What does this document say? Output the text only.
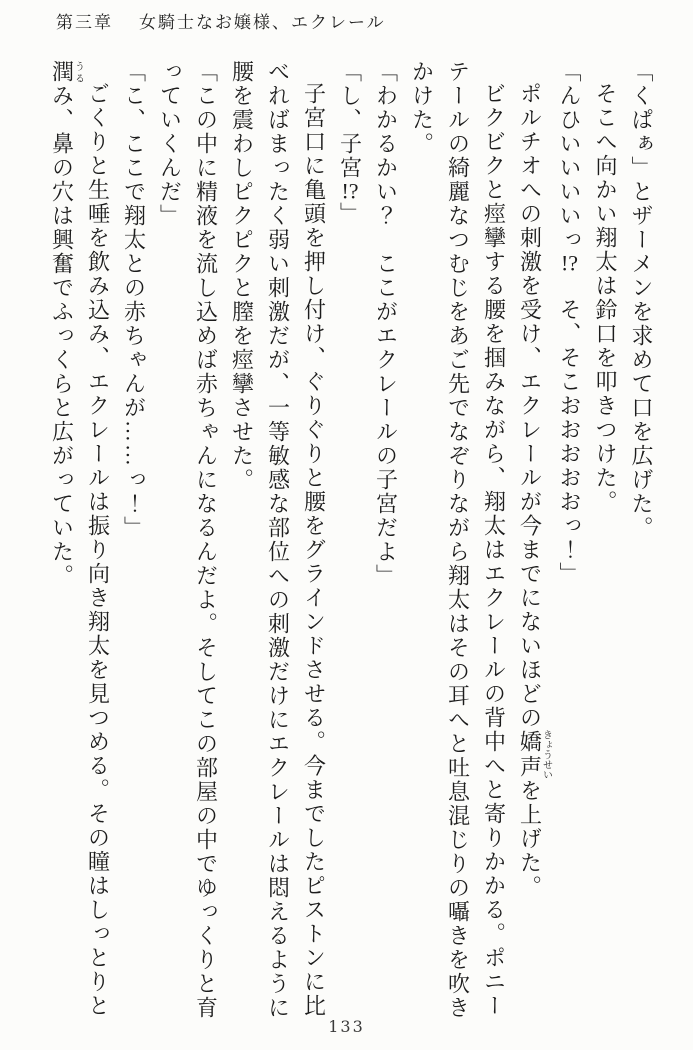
第三章 女騎士なお嬢様、エクレール

「くぱぁ」とザーメンを求めて口を広げた。

そこへ向かい翔太は鈴口を叩きつけた。

「んひいいいいっ!?　そ、そこおおおおおっ！」

ポルチオへの刺激を受け、エクレールが今までにないほどの嬌声きょうせいを上げた。

ビクビクと痙攣する腰を掴みながら、翔太はエクレールの背中へと寄りかかる。ポニーテールの綺麗なつむじをあご先でなぞりながら翔太はその耳へと吐息混じりの囁きを吹きかけた。

「わかるかい？　ここがエクレールの子宮だよ」

「し、子宮!?」

子宮口に亀頭を押し付け、ぐりぐりと腰をグラインドさせる。今までしたピストンに比べればまったく弱い刺激だが、一等敏感な部位への刺激だけにエクレールは悶えるように腰を震わしピクピクと膣を痙攣させた。

「この中に精液を流し込めば赤ちゃんになるんだよ。そしてこの部屋の中でゆっくりと育っていくんだ」

「こ、ここで翔太との赤ちゃんが……っ！」

ごくりと生唾を飲み込み、エクレールは振り向き翔太を見つめる。その瞳はしっとりと潤うるみ、鼻の穴は興奮でふっくらと広がっていた。

133
